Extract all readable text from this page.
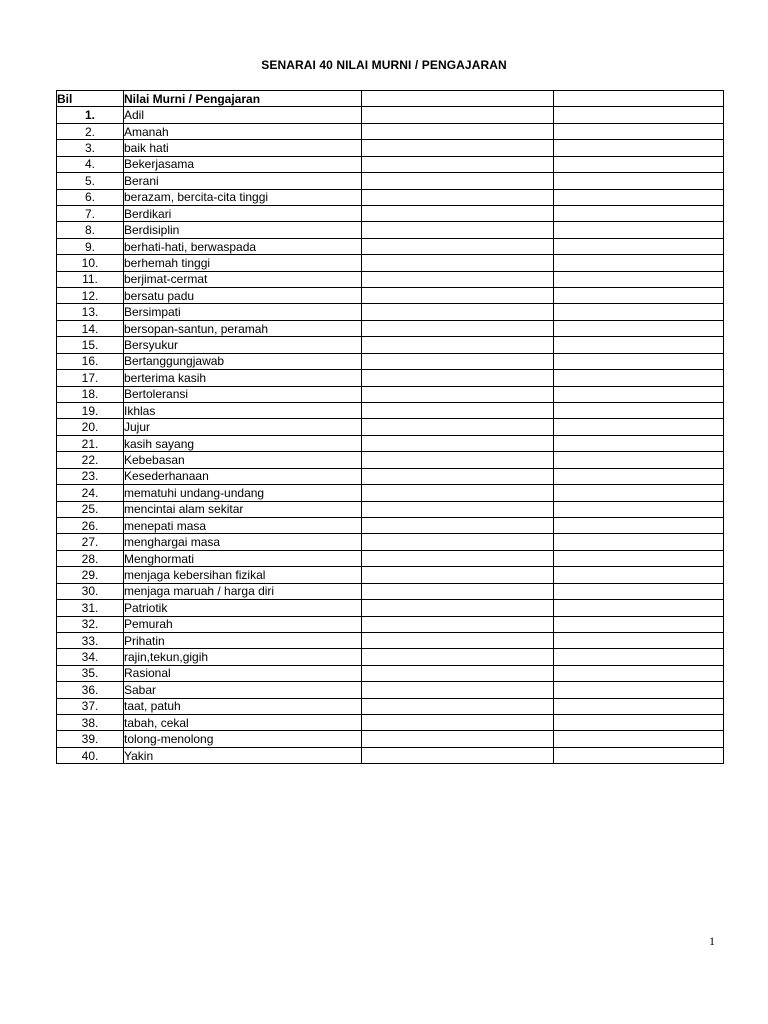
SENARAI 40 NILAI MURNI / PENGAJARAN
Bil	Nilai Murni / Pengajaran		
1.	Adil		
2.	Amanah		
3.	baik hati		
4.	Bekerjasama		
5.	Berani		
6.	berazam, bercita-cita tinggi		
7.	Berdikari		
8.	Berdisiplin		
9.	berhati-hati, berwaspada		
10.	berhemah tinggi		
11.	berjimat-cermat		
12.	bersatu padu		
13.	Bersimpati		
14.	bersopan-santun, peramah		
15.	Bersyukur		
16.	Bertanggungjawab		
17.	berterima kasih		
18.	Bertoleransi		
19.	Ikhlas		
20.	Jujur		
21.	kasih sayang		
22.	Kebebasan		
23.	Kesederhanaan		
24.	mematuhi undang-undang		
25.	mencintai alam sekitar		
26.	menepati masa		
27.	menghargai masa		
28.	Menghormati		
29.	menjaga kebersihan fizikal		
30.	menjaga maruah / harga diri		
31.	Patriotik		
32.	Pemurah		
33.	Prihatin		
34.	rajin,tekun,gigih		
35.	Rasional		
36.	Sabar		
37.	taat, patuh		
38.	tabah, cekal		
39.	tolong-menolong		
40.	Yakin		
1
